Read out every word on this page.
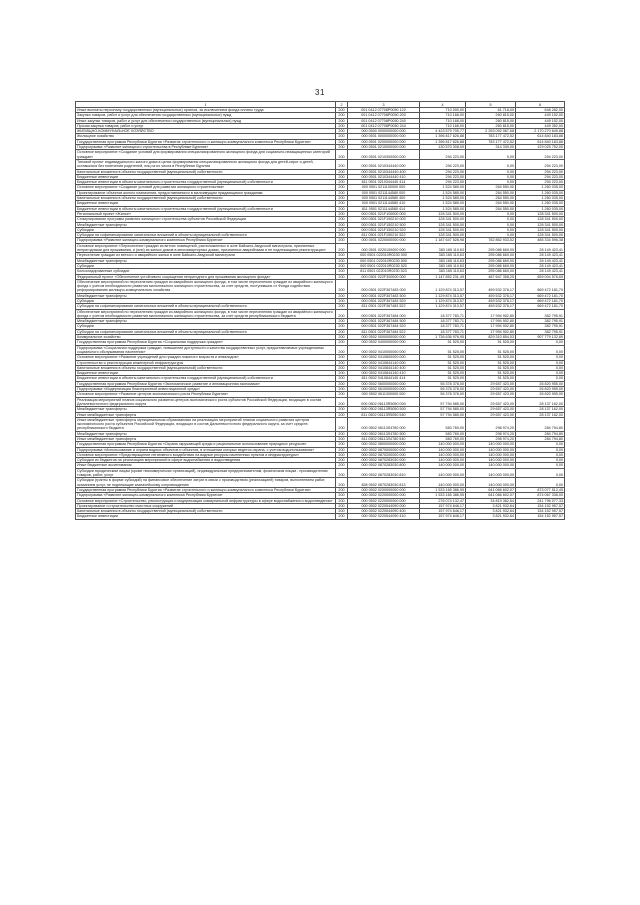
31
1	2	3	4	5	6
Иные выплаты персоналу государственных (муниципальных) органов, за исключением фонда оплаты труда	200	001 0412 07708Р0050 122	710 000,00	61 718,00	648 282,00
Закупка товаров, работ и услуг для обеспечения государственных (муниципальных) нужд	200	001 0412 07708Р0050 200	710 168,00	260 815,00	449 152,00
Иные закупки товаров, работ и услуг для обеспечения государственных (муниципальных) нужд	200	001 0412 07708Р0050 240	710 168,00	260 815,00	449 152,00
Прочая закупка товаров, работ и услуг	200	001 0412 07708Р0050 244	710 168,00	260 815,00	449 352,00
ЖИЛИЩНО-КОММУНАЛЬНОЕ ХОЗЯЙСТВО	200	000 0500 0000000000 000	4 423 579 705,77	2 253 092 067,68	2 170 270 649,88
Жилищное хозяйство	200	000 0501 0000000000 000	1 396 817 626,88	783 177 472,52	614 840 183,86
Государственная программа Республики Бурятия «Развитие строительного и жилищно-коммунального комплекса Республики Бурятия»	200	000 0501 0200000000 000	1 396 817 626,88	783 177 472,52	614 840 183,86
Подпрограмма «Развитие жилищного строительства в Республике Бурятия»	200	000 0501 0210000000 000	130 570 308,09	314 339,00	129 025 752,00
Основное мероприятие «Создание условий для формирования специализированного жилищного фонда для социально-незащищенных категорий граждан»	200	000 0501 0210300000 000	294 223,00	0,00	294 223,00
Типовой проект индивидуального жилого дома в целях формирования специализированного жилищного фонда для детей-сирот и детей, оставшихся без попечения родителей, лиц из их числа в Республике Бурятия	200	000 0501 0210344440 000	294 223,00	0,00	294 223,00
Капитальные вложения в объекты государственной (муниципальной) собственности	200	000 0501 0210344440 400	294 223,00	0,00	294 223,00
Бюджетные инвестиции	200	000 0501 0210344440 410	294 223,00	0,00	294 223,00
Бюджетные инвестиции в объекты капитального строительства государственной (муниципальной) собственности	200	811 0501 0210344440 414	294 223,00	0,00	294 223,00
Основное мероприятие «Создание условий для развития жилищного строительства»	200	000 0501 0211100000 000	1 524 585,00	264 550,00	1 260 035,00
Проектирование объектов жилого назначения, предоставляемого в малоимущим нуждающимся гражданам	200	000 0501 0211144580 000	1 524 585,00	264 550,00	1 260 035,00
Капитальные вложения в объекты государственной (муниципальной) собственности	200	000 0501 0211144580 400	1 524 585,00	264 550,00	1 260 035,00
Бюджетные инвестиции	200	000 0501 0211144580 410	1 524 585,00	264 550,00	1 260 035,00
Бюджетные инвестиции в объекты капитального строительства государственной (муниципальной) собственности	200	811 0501 0211144580 414	1 524 585,00	264 550,00	1 260 035,00
Региональный проект «Жилье»	200	000 0501 021F100000 000	128 341 500,00	0,00	128 341 500,00
Стимулирование программ развития жилищного строительства субъектов Российской Федерации	200	000 0501 021F150210 000	128 341 500,00	0,00	128 341 500,00
Межбюджетные трансферты	200	000 0501 021F150210 500	128 341 500,00	0,00	128 341 500,00
Субсидии	200	000 0501 021F150210 520	128 341 500,00	0,00	128 341 500,00
Субсидии на софинансирование капитальных вложений в объекты муниципальной собственности	200	811 0501 021F150210 522	128 341 500,00	0,00	128 341 500,00
Подпрограмма «Развитие жилищно-коммунального комплекса Республики Бурятия»	200	000 0501 0220000000 000	1 187 647 528,98	782 862 933,52	485 334 596,38
Основное мероприятие «Переселение граждан из ветхих помещений, расположенных в зоне Байкало-Амурской магистрали, признанных непригодными для проживания, и (или) из жилых домов в многоквартирных домах, признанных аварийными и не подлежащими реконструкции»	200	000 0501 0220100000 000	383 165 110,63	295 086 669,00	28 149 423,41
Переселение граждан из ветхого и аварийного жилья в зоне Байкало-Амурской магистрали	200	000 0501 022010R0230 000	383 165 110,63	295 086 669,00	28 149 423,41
Межбюджетные трансферты	200	000 0501 022010R0230 500	383 165 110,63	295 086 669,00	28 149 423,41
Субсидии	200	000 0501 022010R0230 520	383 165 110,63	295 086 669,00	28 149 423,41
Консолидированные субсидии	200	811 0501 022010R0230 523	383 165 110,63	295 086 669,00	28 149 423,41
Федеральный проект «Обеспечение устойчивого сокращения непригодного для проживания жилищного фонда»	200	000 0501 022F300000 000	1 147 852 231,49	487 647 358,25	659 004 576,69
Обеспечение мероприятий по переселению граждан из аварийного жилищного фонда, в том числе переселению граждан из аварийного жилищного фонда с учетом необходимости развития малоэтажного жилищного строительства, за счет средств, поступивших от Фонда содействия реформированию жилищно-коммунального хозяйства	200	000 0501 022F367483 000	1 129 874 313,57	459 532 376,17	669 472 181,70
Межбюджетные трансферты	200	000 0501 022F367483 500	1 129 874 313,57	459 532 376,17	669 472 181,70
Субсидии	200	000 0501 022F367483 520	1 129 874 313,57	459 532 376,17	669 472 181,70
Субсидии на софинансирование капитальных вложений в объекты муниципальной собственности	200	811 0501 022F367483 522	1 129 874 313,57	459 532 376,17	669 472 181,70
Обеспечение мероприятий по переселению граждан из аварийного жилищного фонда, в том числе переселению граждан из аварийного жилищного фонда с учетом необходимости развития малоэтажного жилищного строительства, за счет средств республиканского бюджета	200	000 0501 022F367484 000	18 377 783,71	17 994 902,80	382 795,91
Межбюджетные трансферты	200	000 0501 022F367484 500	18 377 783,71	17 994 902,80	382 795,91
Субсидии	200	000 0501 022F367484 520	18 377 783,71	17 994 902,80	382 795,91
Субсидии на софинансирование капитальных вложений в объекты муниципальной собственности	200	811 0501 022F367484 522	18 377 783,71	17 994 902,80	382 795,91
Коммунальное хозяйство	200	000 0502 0000000000 000	1 736 636 976,95	829 310 854,03	907 779 132,89
Государственная программа Республики Бурятия «Социальная поддержка граждан»	200	000 0502 0400000000 000	51 525,00	51 525,00	0,00
Подпрограмма «Социальная поддержка граждан, повышение доступности и качества государственных услуг, предоставляемых учреждениями социального обслуживания населения»	200	000 0502 0410000000 000	51 525,00	51 525,00	0,00
Основное мероприятие «Развитие учреждений для граждан пожилого возраста и инвалидов»	200	000 0502 0410800000 000	51 525,00	51 525,00	0,00
Строительство и реконструкция инженерной инфраструктуры	200	000 0502 0410844140 000	51 525,00	51 525,00	0,00
Капитальные вложения в объекты государственной (муниципальной) собственности	200	000 0502 0410844140 400	51 525,00	51 525,00	0,00
Бюджетные инвестиции	200	000 0502 0410844140 410	51 525,00	51 525,00	0,00
Бюджетные инвестиции в объекты капитального строительства государственной (муниципальной) собственности	200	811 0502 0410844140 414	51 525,00	51 525,00	0,00
Государственная программа Республики Бурятия «Экономическое развитие и инновационная экономика»	200	000 0502 0600000000 000	56 378 378,00	29 657 423,00	26 820 955,00
Подпрограмма «Модернизация благоприятной инвестиционной среды»	200	000 0502 0610000000 000	56 378 378,00	29 657 423,00	26 820 955,00
Основное мероприятие «Развитие центров экономического роста Республики Бурятия»	200	000 0502 0611300000 000	56 378 378,00	29 657 423,00	26 820 955,00
Реализация мероприятий планов социального развития центров экономического роста субъектов Российской Федерации, входящих в состав Дальневосточного федерального округа	200	000 0502 06113R5050 000	57 794 585,00	29 657 423,00	28 137 162,00
Межбюджетные трансферты	200	000 0502 06113R5050 500	57 794 585,00	29 657 423,00	28 137 162,00
Иные межбюджетные трансферты	200	811 0502 06113R5050 540	57 794 585,00	29 657 423,00	28 137 162,00
Иные межбюджетные трансферты муниципальным образованиям на реализацию мероприятий планов социального развития центров экономического роста субъектов Российской Федерации, входящих в состав Дальневосточного федерального округа, за счет средств республиканского бюджета	200	000 0502 06113Л4780 000	583 769,00	298 974,20	284 794,80
Межбюджетные трансферты	200	000 0502 06113Л4780 500	583 769,00	298 974,20	284 794,80
Иные межбюджетные трансферты	200	811 0502 06113Л4780 540	583 769,00	298 974,20	284 794,80
Государственная программа Республики Бурятия «Охрана окружающей среды и рациональное использование природных ресурсов»	200	000 0502 0800000000 000	140 000 000,00	140 000 000,00	0,00
Подпрограмма «Использование и охрана водных объектов и объектов, в отношении которых ведется охрана, с учетом водопользования»	200	000 0502 0870000000 000	140 000 000,00	140 000 000,00	0,00
Основное мероприятие «Предотвращение негативного воздействия на водные ресурсы населенных пунктов и инфраструктуры»	200	000 0502 0870200000 000	140 000 000,00	140 000 000,00	0,00
Субсидии из бюджетов на реализацию мероприятий в сфере водоснабжения и водоотведения	200	000 0502 0870283030 000	140 000 000,00	140 000 000,00	0,00
Иные бюджетные ассигнования	200	000 0502 0870283030 800	140 000 000,00	140 000 000,00	0,00
Субсидии юридическим лицам (кроме некоммерческих организаций), индивидуальным предпринимателям, физическим лицам - производителям товаров, работ, услуг	200	000 0502 0870283030 810	140 000 000,00	140 000 000,00	0,00
Субсидии (гранты в форме субсидий) на финансовое обеспечение затрат в связи с производством (реализацией) товаров, выполнением работ, оказанием услуг, не подлежащие казначейскому сопровождению	200	828 0502 0870283030 813	140 000 000,00	140 000 000,00	0,00
Государственная программа Республики Бурятия «Развитие строительного и жилищно-коммунального комплекса Республики Бурятия»	200	000 0502 0200000000 000	1 533 165 386,95	641 066 602,07	873 077 512,45
Подпрограмма «Развитие жилищно-коммунального комплекса Республики Бурятия»	200	000 0502 0220000000 000	1 533 165 386,95	641 066 602,07	874 067 336,00
Основное мероприятие «Строительство, реконструкция и модернизация коммунальной инфраструктуры в сфере водоснабжения и водоотведения»	200	000 0502 0220500000 000	276 074 132,47	34 819 362,64	241 796 077,33
Проектирование и строительство очистных сооружений	200	000 0502 0220544090 000	157 974 646,17	3 821 932,64	154 152 957,57
Капитальные вложения в объекты государственной (муниципальной) собственности	200	000 0502 0220544090 400	157 974 646,17	3 821 932,64	154 152 957,57
Бюджетные инвестиции	200	000 0502 0220544090 410	157 974 646,17	3 821 932,64	154 152 957,57
